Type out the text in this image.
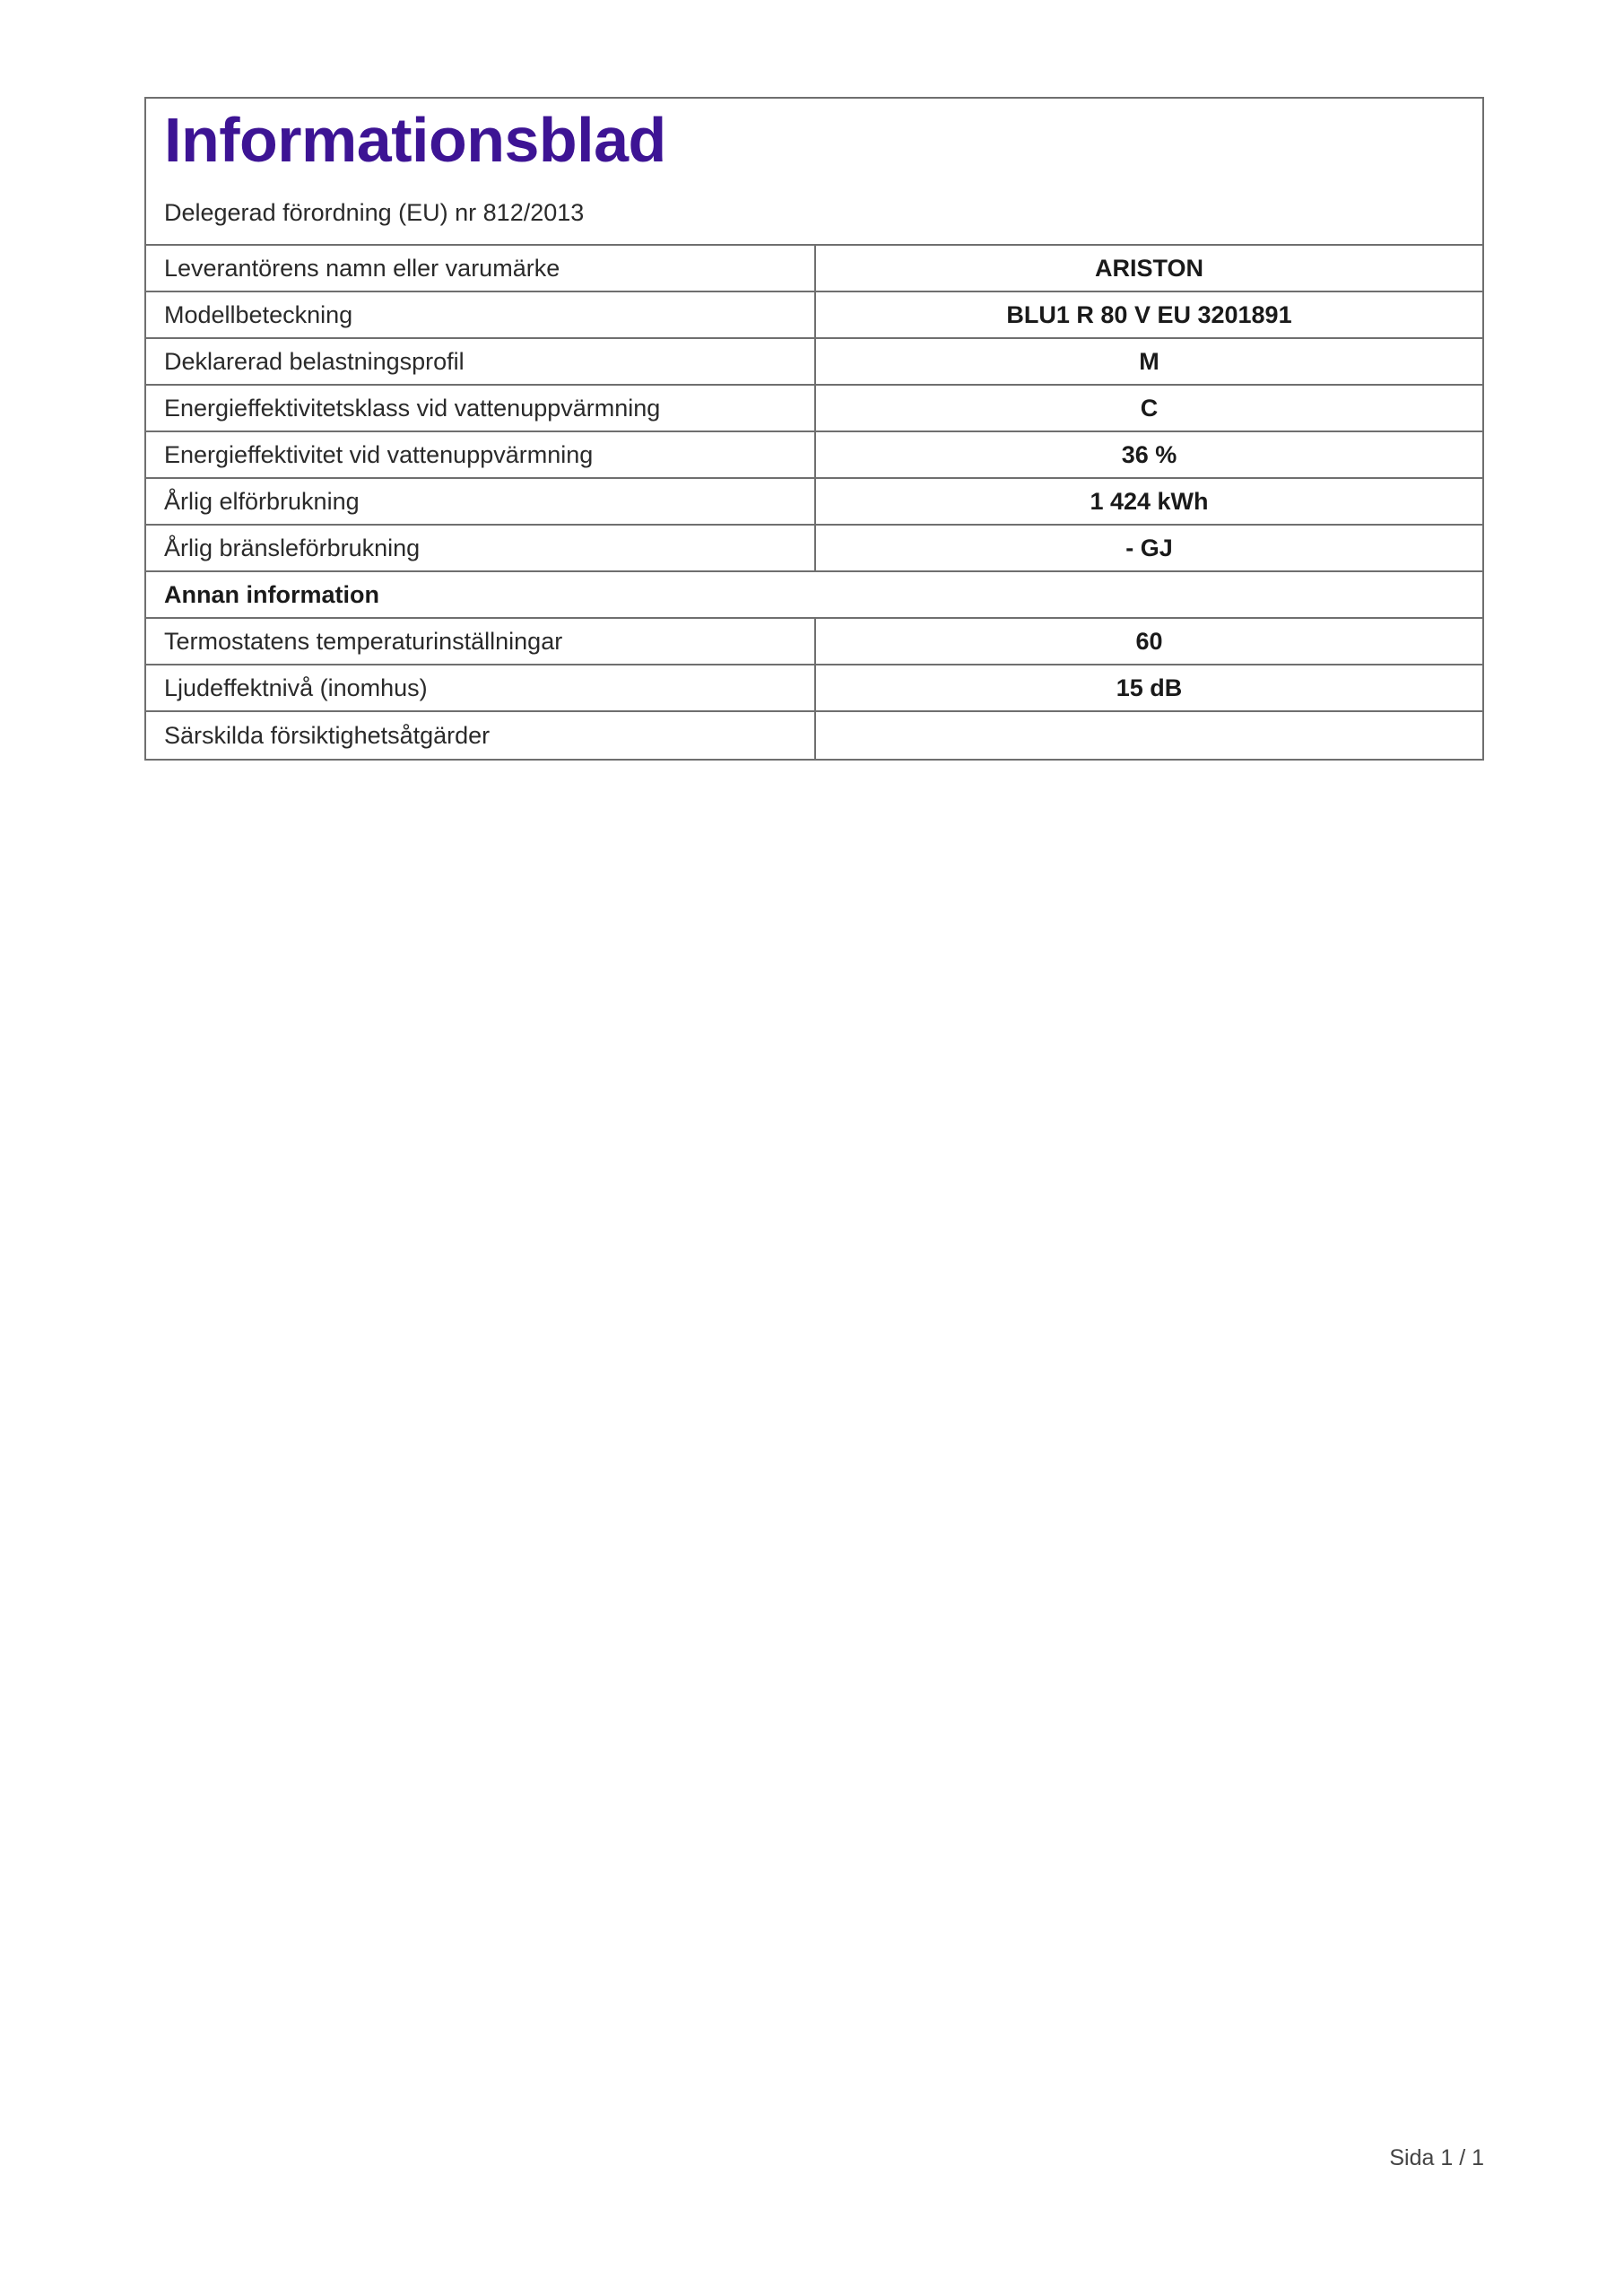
Informationsblad
Delegerad förordning (EU) nr 812/2013
Leverantörens namn eller varumärke	ARISTON
Modellbeteckning	BLU1 R 80 V EU 3201891
Deklarerad belastningsprofil	M
Energieffektivitetsklass vid vattenuppvärmning	C
Energieffektivitet vid vattenuppvärmning	36 %
Årlig elförbrukning	1 424 kWh
Årlig bränsleförbrukning	- GJ
Annan information
Termostatens temperaturinställningar	60
Ljudeffektnivå (inomhus)	15 dB
Särskilda försiktighetsåtgärder
Sida 1 / 1
